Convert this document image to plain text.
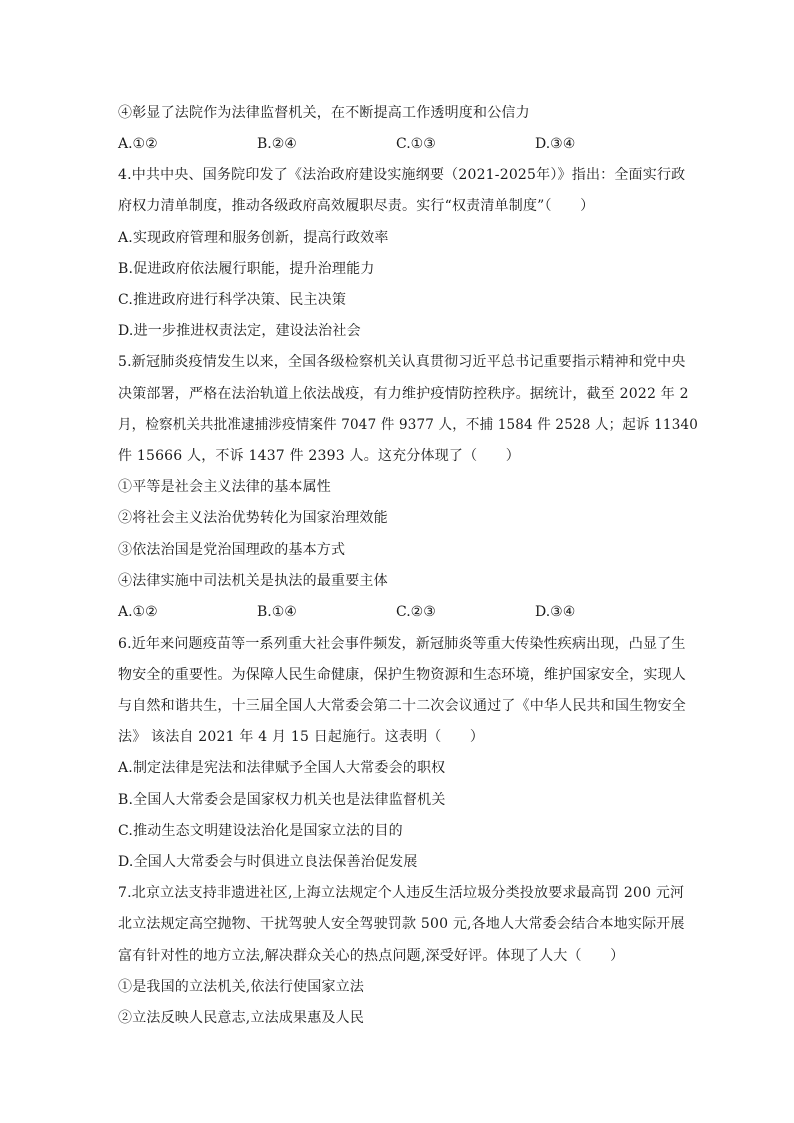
④彰显了法院作为法律监督机关，在不断提高工作透明度和公信力
A.①②	B.②④	C.①③	D.③④
4.中共中央、国务院印发了《法治政府建设实施纲要（2021-2025年）》指出：全面实行政
府权力清单制度，推动各级政府高效履职尽责。实行“权责清单制度”（　　）
A.实现政府管理和服务创新，提高行政效率
B.促进政府依法履行职能，提升治理能力
C.推进政府进行科学决策、民主决策
D.进一步推进权责法定，建设法治社会
5.新冠肺炎疫情发生以来，全国各级检察机关认真贯彻习近平总书记重要指示精神和党中央
决策部署，严格在法治轨道上依法战疫，有力维护疫情防控秩序。据统计，截至 2022 年 2
月，检察机关共批准逮捕涉疫情案件 7047 件 9377 人，不捕 1584 件 2528 人；起诉 11340
件 15666 人，不诉 1437 件 2393 人。这充分体现了（　　）
①平等是社会主义法律的基本属性
②将社会主义法治优势转化为国家治理效能
③依法治国是党治国理政的基本方式
④法律实施中司法机关是执法的最重要主体
A.①②	B.①④	C.②③	D.③④
6.近年来问题疫苗等一系列重大社会事件频发，新冠肺炎等重大传染性疾病出现，凸显了生
物安全的重要性。为保障人民生命健康，保护生物资源和生态环境，维护国家安全，实现人
与自然和谐共生，十三届全国人大常委会第二十二次会议通过了《中华人民共和国生物安全
法》 该法自 2021 年 4 月 15 日起施行。这表明（　　）
A.制定法律是宪法和法律赋予全国人大常委会的职权
B.全国人大常委会是国家权力机关也是法律监督机关
C.推动生态文明建设法治化是国家立法的目的
D.全国人大常委会与时俱进立良法保善治促发展
7.北京立法支持非遗进社区,上海立法规定个人违反生活垃圾分类投放要求最高罚 200 元河
北立法规定高空抛物、干扰驾驶人安全驾驶罚款 500 元,各地人大常委会结合本地实际开展
富有针对性的地方立法,解决群众关心的热点问题,深受好评。体现了人大（　　）
①是我国的立法机关,依法行使国家立法
②立法反映人民意志,立法成果惠及人民
